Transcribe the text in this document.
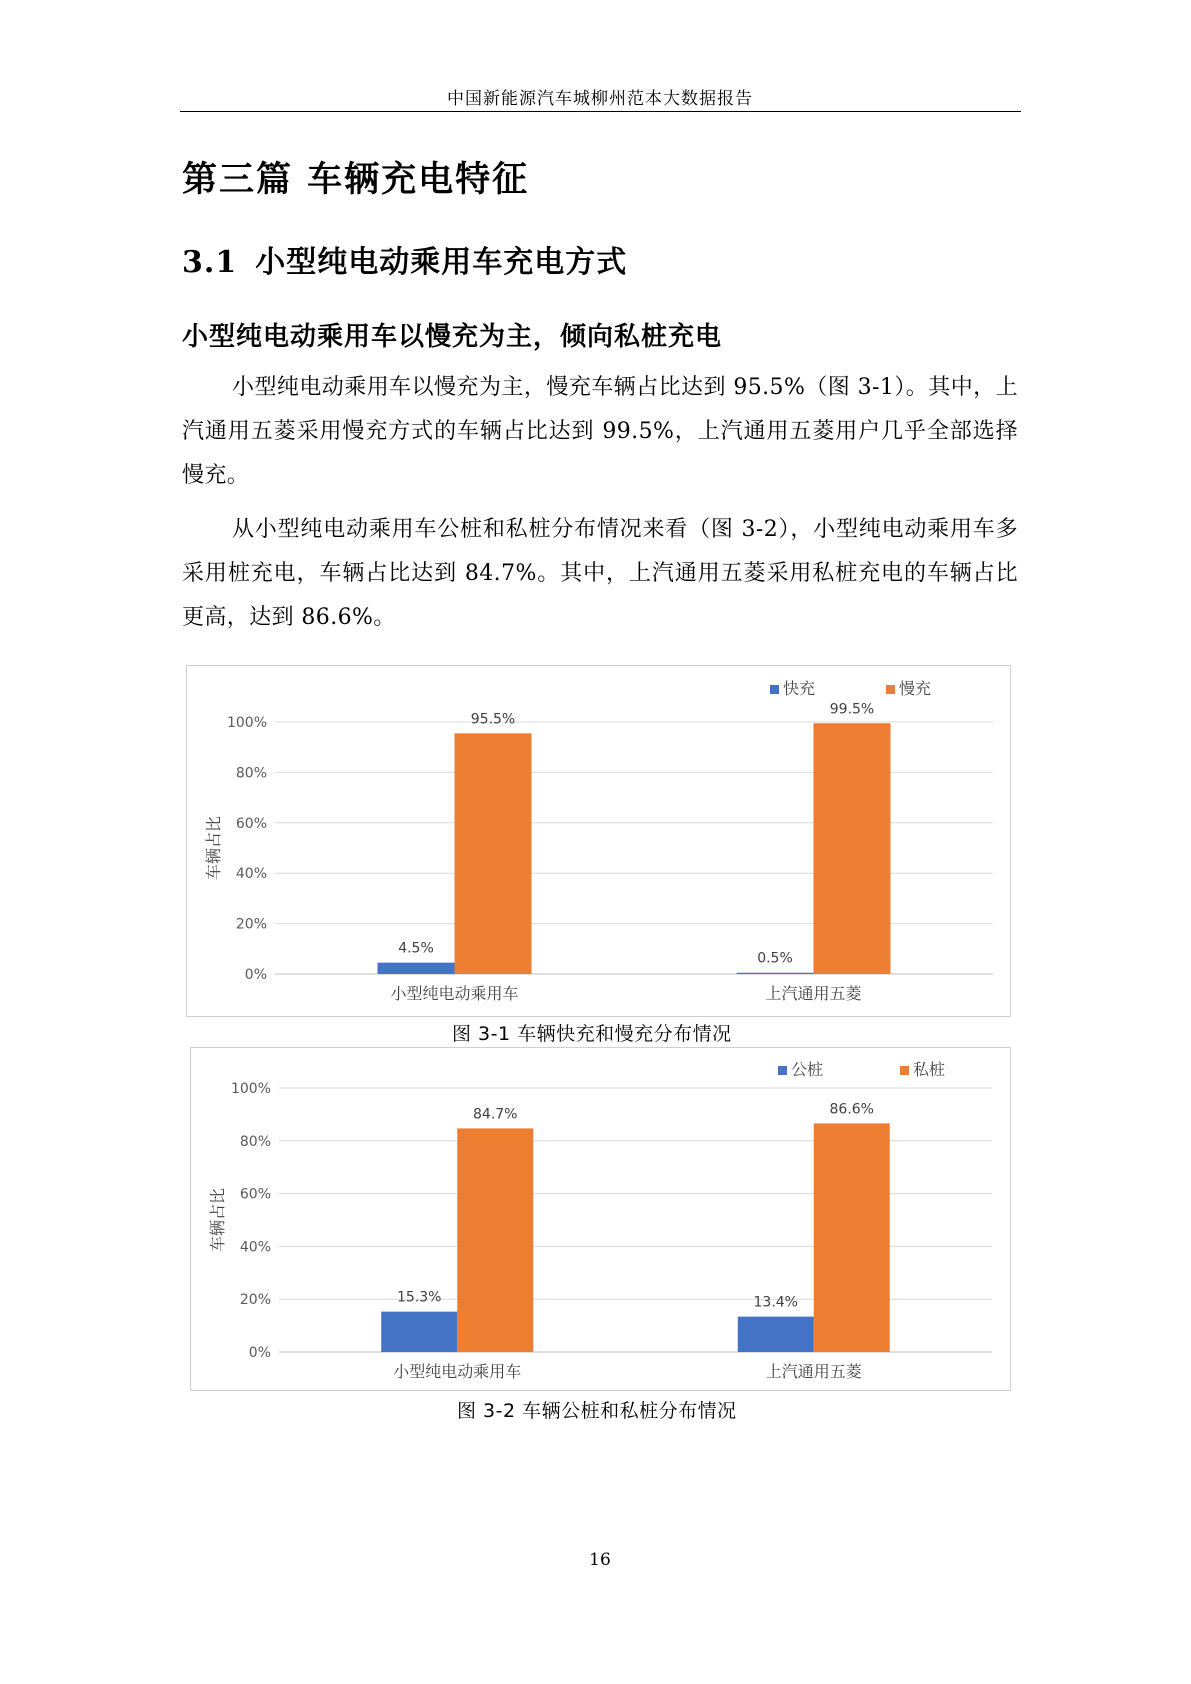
中国新能源汽车城柳州范本大数据报告
第三篇 车辆充电特征
3.1 小型纯电动乘用车充电方式
小型纯电动乘用车以慢充为主，倾向私桩充电
小型纯电动乘用车以慢充为主，慢充车辆占比达到 95.5%（图 3-1）。其中，上汽通用五菱采用慢充方式的车辆占比达到 99.5%，上汽通用五菱用户几乎全部选择慢充。
从小型纯电动乘用车公桩和私桩分布情况来看（图 3-2），小型纯电动乘用车多采用桩充电，车辆占比达到 84.7%。其中，上汽通用五菱采用私桩充电的车辆占比更高，达到 86.6%。
0%
20%
40%
60%
80%
100%
车辆占比
4.5%
95.5%
小型纯电动乘用车
0.5%
99.5%
上汽通用五菱
快充	慢充
图 3-1 车辆快充和慢充分布情况
0%
20%
40%
60%
80%
100%
车辆占比
15.3%
84.7%
小型纯电动乘用车
13.4%
86.6%
上汽通用五菱
公桩	私桩
图 3-2 车辆公桩和私桩分布情况
16
